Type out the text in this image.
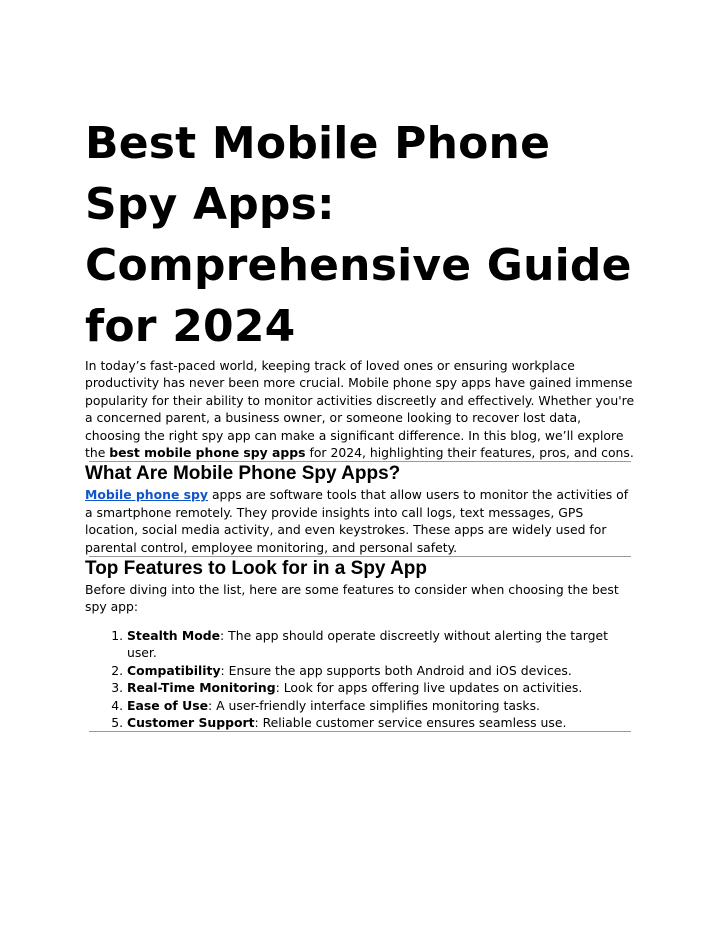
Best Mobile Phone Spy Apps: Comprehensive Guide for 2024

In today’s fast-paced world, keeping track of loved ones or ensuring workplace productivity has never been more crucial. Mobile phone spy apps have gained immense popularity for their ability to monitor activities discreetly and effectively. Whether you're a concerned parent, a business owner, or someone looking to recover lost data, choosing the right spy app can make a significant difference. In this blog, we’ll explore the best mobile phone spy apps for 2024, highlighting their features, pros, and cons.

What Are Mobile Phone Spy Apps?

Mobile phone spy apps are software tools that allow users to monitor the activities of a smartphone remotely. They provide insights into call logs, text messages, GPS location, social media activity, and even keystrokes. These apps are widely used for parental control, employee monitoring, and personal safety.

Top Features to Look for in a Spy App

Before diving into the list, here are some features to consider when choosing the best spy app:

1. Stealth Mode: The app should operate discreetly without alerting the target user.
2. Compatibility: Ensure the app supports both Android and iOS devices.
3. Real-Time Monitoring: Look for apps offering live updates on activities.
4. Ease of Use: A user-friendly interface simplifies monitoring tasks.
5. Customer Support: Reliable customer service ensures seamless use.
